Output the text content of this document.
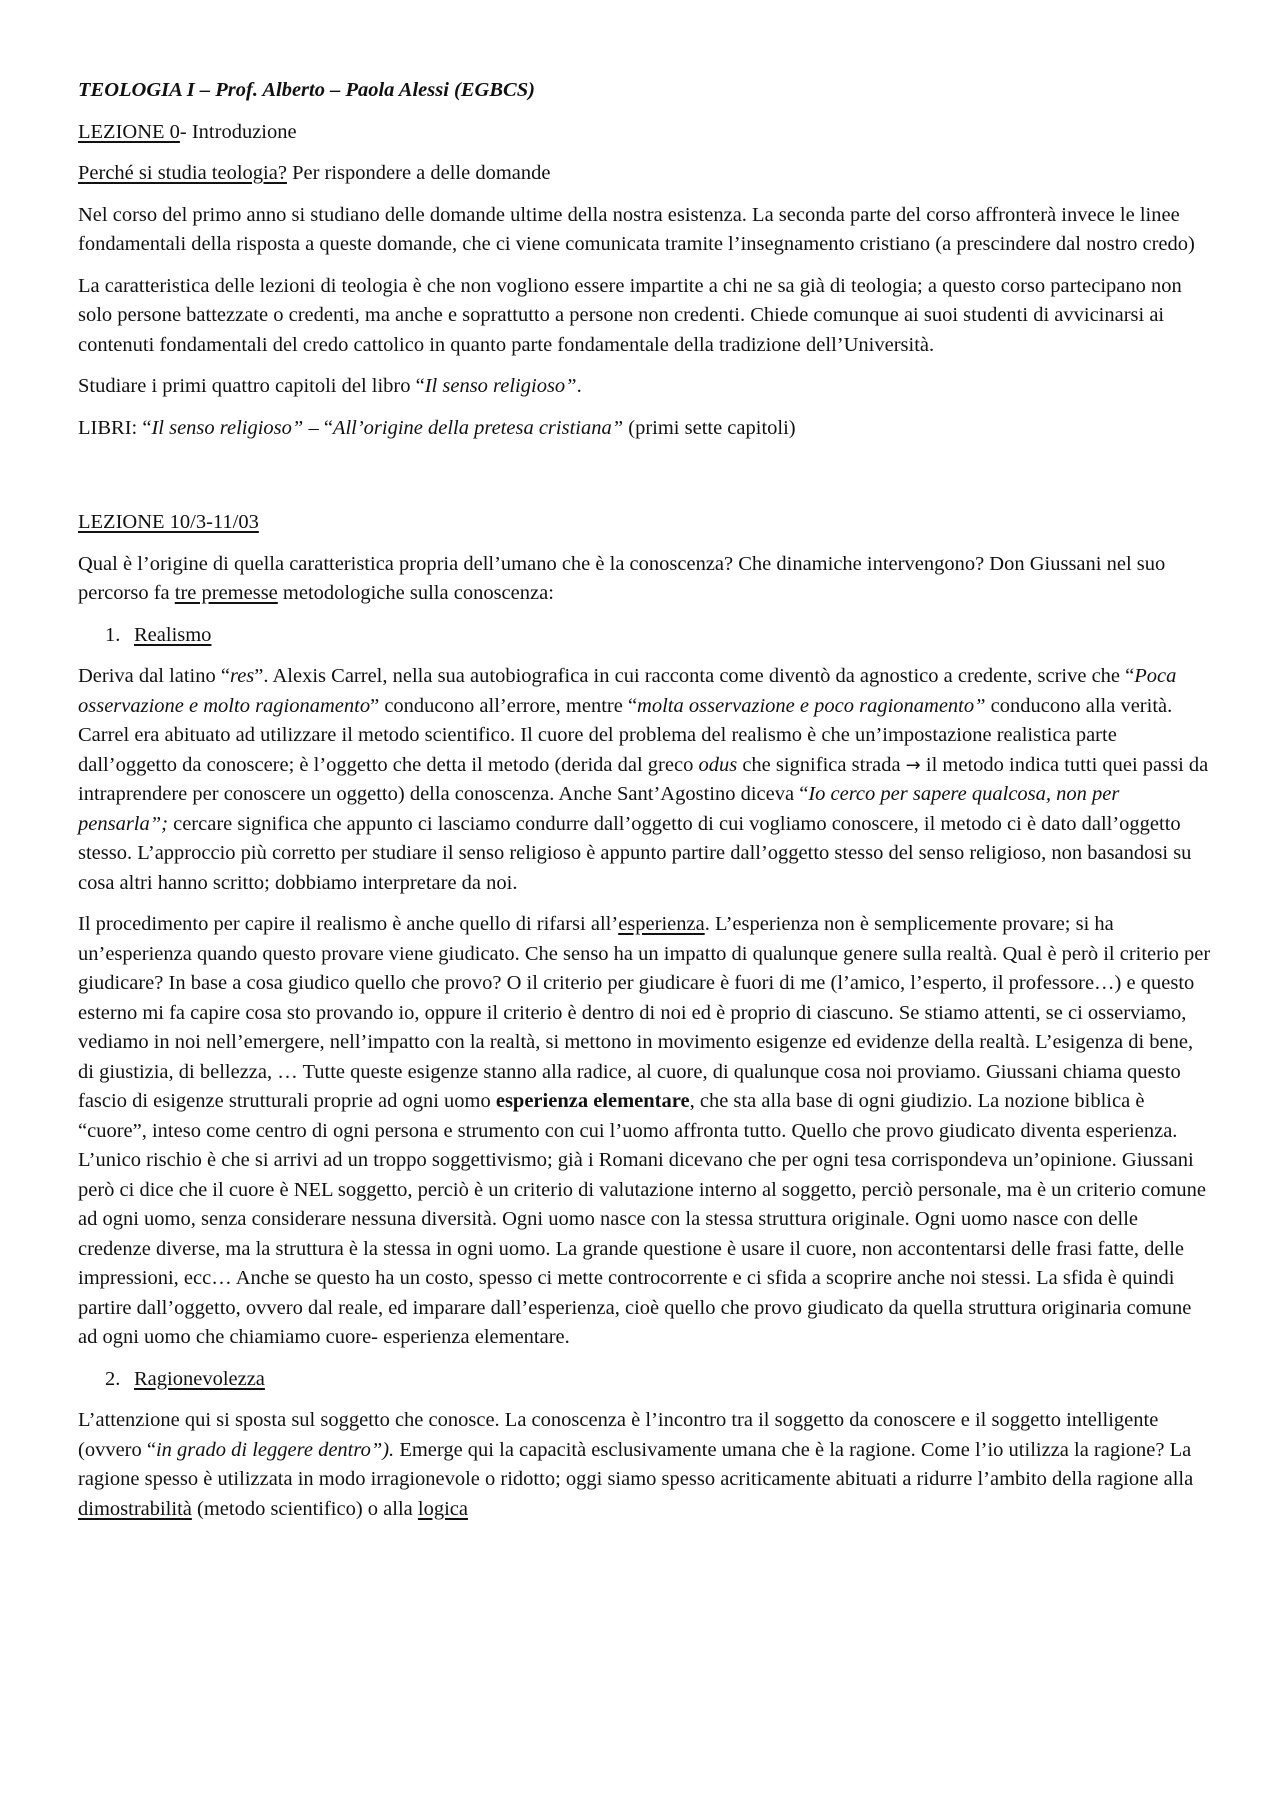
TEOLOGIA I – Prof. Alberto – Paola Alessi (EGBCS)

LEZIONE 0- Introduzione

Perché si studia teologia? Per rispondere a delle domande

Nel corso del primo anno si studiano delle domande ultime della nostra esistenza. La seconda parte del corso affronterà invece le linee fondamentali della risposta a queste domande, che ci viene comunicata tramite l’insegnamento cristiano (a prescindere dal nostro credo)

La caratteristica delle lezioni di teologia è che non vogliono essere impartite a chi ne sa già di teologia; a questo corso partecipano non solo persone battezzate o credenti, ma anche e soprattutto a persone non credenti. Chiede comunque ai suoi studenti di avvicinarsi ai contenuti fondamentali del credo cattolico in quanto parte fondamentale della tradizione dell’Università.

Studiare i primi quattro capitoli del libro “Il senso religioso”.

LIBRI: “Il senso religioso” – “All’origine della pretesa cristiana” (primi sette capitoli)

LEZIONE 10/3-11/03

Qual è l’origine di quella caratteristica propria dell’umano che è la conoscenza? Che dinamiche intervengono? Don Giussani nel suo percorso fa tre premesse metodologiche sulla conoscenza:

1. Realismo

Deriva dal latino “res”. Alexis Carrel, nella sua autobiografica in cui racconta come diventò da agnostico a credente, scrive che “Poca osservazione e molto ragionamento” conducono all’errore, mentre “molta osservazione e poco ragionamento” conducono alla verità. Carrel era abituato ad utilizzare il metodo scientifico. Il cuore del problema del realismo è che un’impostazione realistica parte dall’oggetto da conoscere; è l’oggetto che detta il metodo (derida dal greco odus che significa strada → il metodo indica tutti quei passi da intraprendere per conoscere un oggetto) della conoscenza. Anche Sant’Agostino diceva “Io cerco per sapere qualcosa, non per pensarla”; cercare significa che appunto ci lasciamo condurre dall’oggetto di cui vogliamo conoscere, il metodo ci è dato dall’oggetto stesso. L’approccio più corretto per studiare il senso religioso è appunto partire dall’oggetto stesso del senso religioso, non basandosi su cosa altri hanno scritto; dobbiamo interpretare da noi.

Il procedimento per capire il realismo è anche quello di rifarsi all’esperienza. L’esperienza non è semplicemente provare; si ha un’esperienza quando questo provare viene giudicato. Che senso ha un impatto di qualunque genere sulla realtà. Qual è però il criterio per giudicare? In base a cosa giudico quello che provo? O il criterio per giudicare è fuori di me (l’amico, l’esperto, il professore…) e questo esterno mi fa capire cosa sto provando io, oppure il criterio è dentro di noi ed è proprio di ciascuno. Se stiamo attenti, se ci osserviamo, vediamo in noi nell’emergere, nell’impatto con la realtà, si mettono in movimento esigenze ed evidenze della realtà. L’esigenza di bene, di giustizia, di bellezza, … Tutte queste esigenze stanno alla radice, al cuore, di qualunque cosa noi proviamo. Giussani chiama questo fascio di esigenze strutturali proprie ad ogni uomo esperienza elementare, che sta alla base di ogni giudizio. La nozione biblica è “cuore”, inteso come centro di ogni persona e strumento con cui l’uomo affronta tutto. Quello che provo giudicato diventa esperienza. L’unico rischio è che si arrivi ad un troppo soggettivismo; già i Romani dicevano che per ogni tesa corrispondeva un’opinione. Giussani però ci dice che il cuore è NEL soggetto, perciò è un criterio di valutazione interno al soggetto, perciò personale, ma è un criterio comune ad ogni uomo, senza considerare nessuna diversità. Ogni uomo nasce con la stessa struttura originale. Ogni uomo nasce con delle credenze diverse, ma la struttura è la stessa in ogni uomo. La grande questione è usare il cuore, non accontentarsi delle frasi fatte, delle impressioni, ecc… Anche se questo ha un costo, spesso ci mette controcorrente e ci sfida a scoprire anche noi stessi. La sfida è quindi partire dall’oggetto, ovvero dal reale, ed imparare dall’esperienza, cioè quello che provo giudicato da quella struttura originaria comune ad ogni uomo che chiamiamo cuore- esperienza elementare.

2. Ragionevolezza

L’attenzione qui si sposta sul soggetto che conosce. La conoscenza è l’incontro tra il soggetto da conoscere e il soggetto intelligente (ovvero “in grado di leggere dentro”). Emerge qui la capacità esclusivamente umana che è la ragione. Come l’io utilizza la ragione? La ragione spesso è utilizzata in modo irragionevole o ridotto; oggi siamo spesso acriticamente abituati a ridurre l’ambito della ragione alla dimostrabilità (metodo scientifico) o alla logica
